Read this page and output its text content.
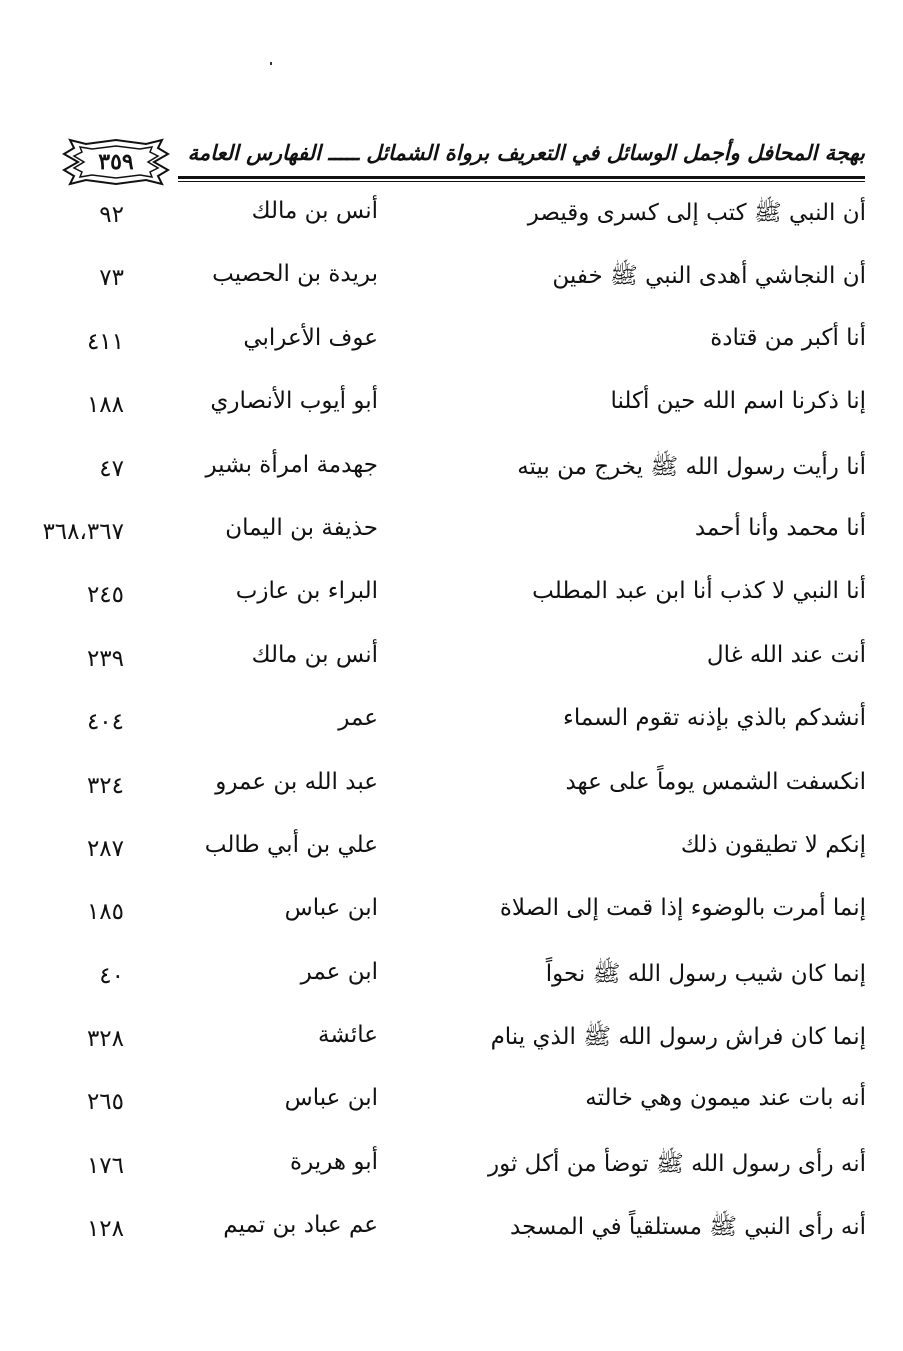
بهجة المحافل وأجمل الوسائل في التعريف برواة الشمائل ـــــ الفهارس العامة
٣٥٩
أن النبي ﷺ كتب إلى كسرى وقيصر
أنس بن مالك
٩٢
أن النجاشي أهدى النبي ﷺ خفين
بريدة بن الحصيب
٧٣
أنا أكبر من قتادة
عوف الأعرابي
٤١١
إنا ذكرنا اسم الله حين أكلنا
أبو أيوب الأنصاري
١٨٨
أنا رأيت رسول الله ﷺ يخرج من بيته
جهدمة امرأة بشير
٤٧
أنا محمد وأنا أحمد
حذيفة بن اليمان
٣٦٨،٣٦٧
أنا النبي لا كذب أنا ابن عبد المطلب
البراء بن عازب
٢٤٥
أنت عند الله غال
أنس بن مالك
٢٣٩
أنشدكم بالذي بإذنه تقوم السماء
عمر
٤٠٤
انكسفت الشمس يوماً على عهد
عبد الله بن عمرو
٣٢٤
إنكم لا تطيقون ذلك
علي بن أبي طالب
٢٨٧
إنما أمرت بالوضوء إذا قمت إلى الصلاة
ابن عباس
١٨٥
إنما كان شيب رسول الله ﷺ نحواً
ابن عمر
٤٠
إنما كان فراش رسول الله ﷺ الذي ينام
عائشة
٣٢٨
أنه بات عند ميمون وهي خالته
ابن عباس
٢٦٥
أنه رأى رسول الله ﷺ توضأ من أكل ثور
أبو هريرة
١٧٦
أنه رأى النبي ﷺ مستلقياً في المسجد
عم عباد بن تميم
١٢٨
